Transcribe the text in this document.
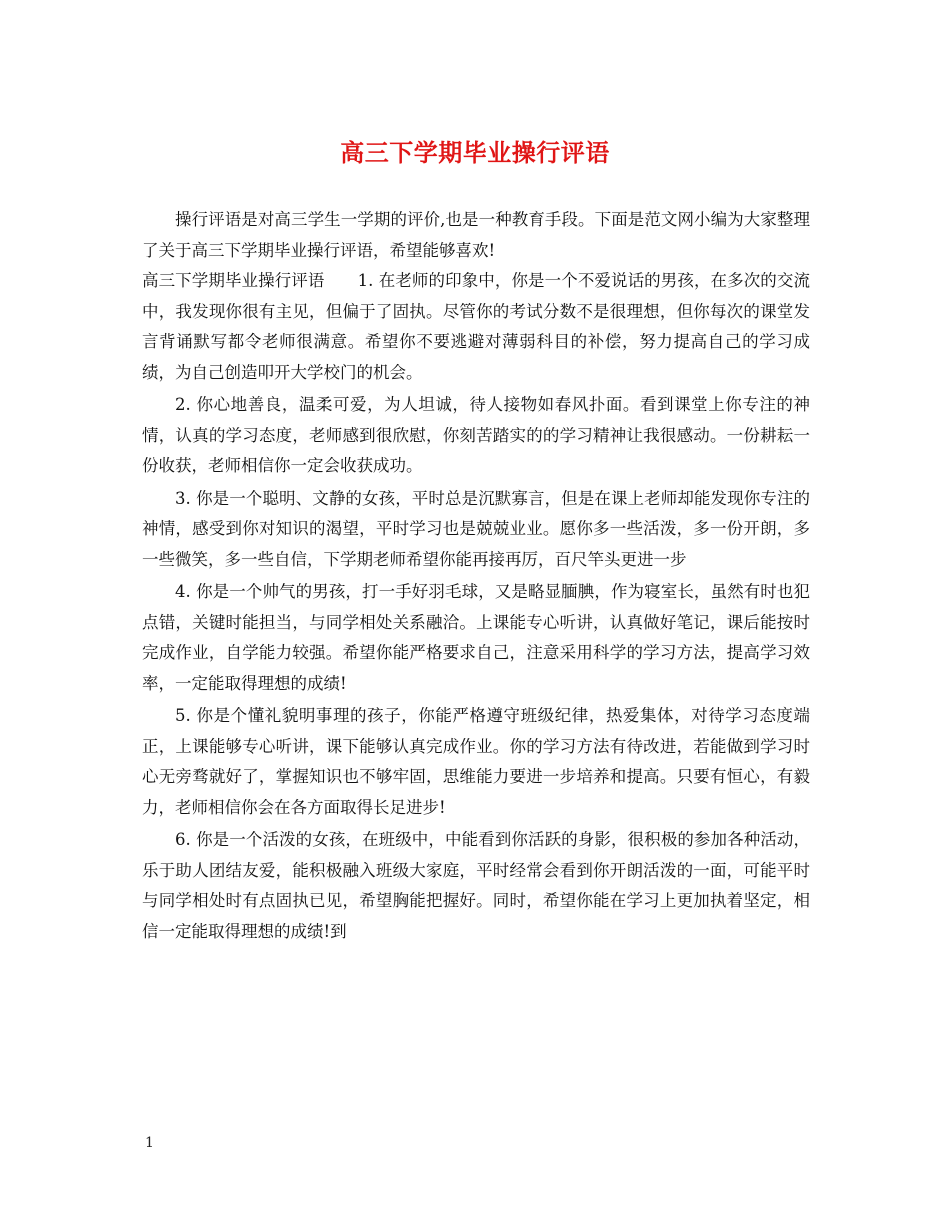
高三下学期毕业操行评语

操行评语是对高三学生一学期的评价,也是一种教育手段。下面是范文网小编为大家整理了关于高三下学期毕业操行评语，希望能够喜欢!

高三下学期毕业操行评语　　1. 在老师的印象中，你是一个不爱说话的男孩，在多次的交流中，我发现你很有主见，但偏于了固执。尽管你的考试分数不是很理想，但你每次的课堂发言背诵默写都令老师很满意。希望你不要逃避对薄弱科目的补偿，努力提高自己的学习成绩，为自己创造叩开大学校门的机会。

2. 你心地善良，温柔可爱，为人坦诚，待人接物如春风扑面。看到课堂上你专注的神情，认真的学习态度，老师感到很欣慰，你刻苦踏实的的学习精神让我很感动。一份耕耘一份收获，老师相信你一定会收获成功。

3. 你是一个聪明、文静的女孩，平时总是沉默寡言，但是在课上老师却能发现你专注的神情，感受到你对知识的渴望，平时学习也是兢兢业业。愿你多一些活泼，多一份开朗，多一些微笑，多一些自信，下学期老师希望你能再接再厉，百尺竿头更进一步

4. 你是一个帅气的男孩，打一手好羽毛球，又是略显腼腆，作为寝室长，虽然有时也犯点错，关键时能担当，与同学相处关系融洽。上课能专心听讲，认真做好笔记，课后能按时完成作业，自学能力较强。希望你能严格要求自己，注意采用科学的学习方法，提高学习效率，一定能取得理想的成绩!

5. 你是个懂礼貌明事理的孩子，你能严格遵守班级纪律，热爱集体，对待学习态度端正，上课能够专心听讲，课下能够认真完成作业。你的学习方法有待改进，若能做到学习时心无旁骛就好了，掌握知识也不够牢固，思维能力要进一步培养和提高。只要有恒心，有毅力，老师相信你会在各方面取得长足进步!

6. 你是一个活泼的女孩，在班级中，中能看到你活跃的身影，很积极的参加各种活动，乐于助人团结友爱，能积极融入班级大家庭，平时经常会看到你开朗活泼的一面，可能平时与同学相处时有点固执已见，希望胸能把握好。同时，希望你能在学习上更加执着坚定，相信一定能取得理想的成绩!到

1
